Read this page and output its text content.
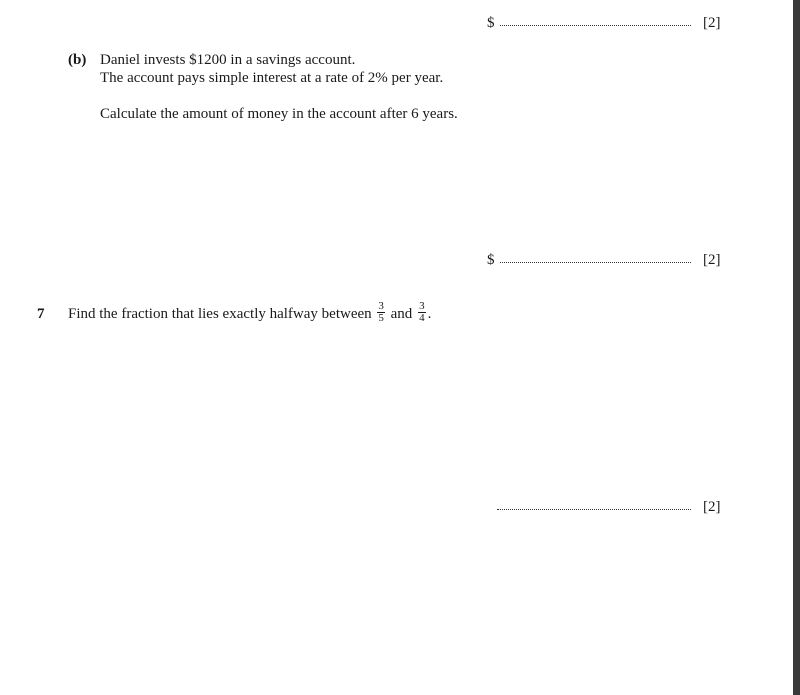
$	[2]
(b) Daniel invests $1200 in a savings account.
The account pays simple interest at a rate of 2% per year.
Calculate the amount of money in the account after 6 years.
$	[2]
7 Find the fraction that lies exactly halfway between $\frac{3}{5}$ and $\frac{3}{4}$ .
[2]
